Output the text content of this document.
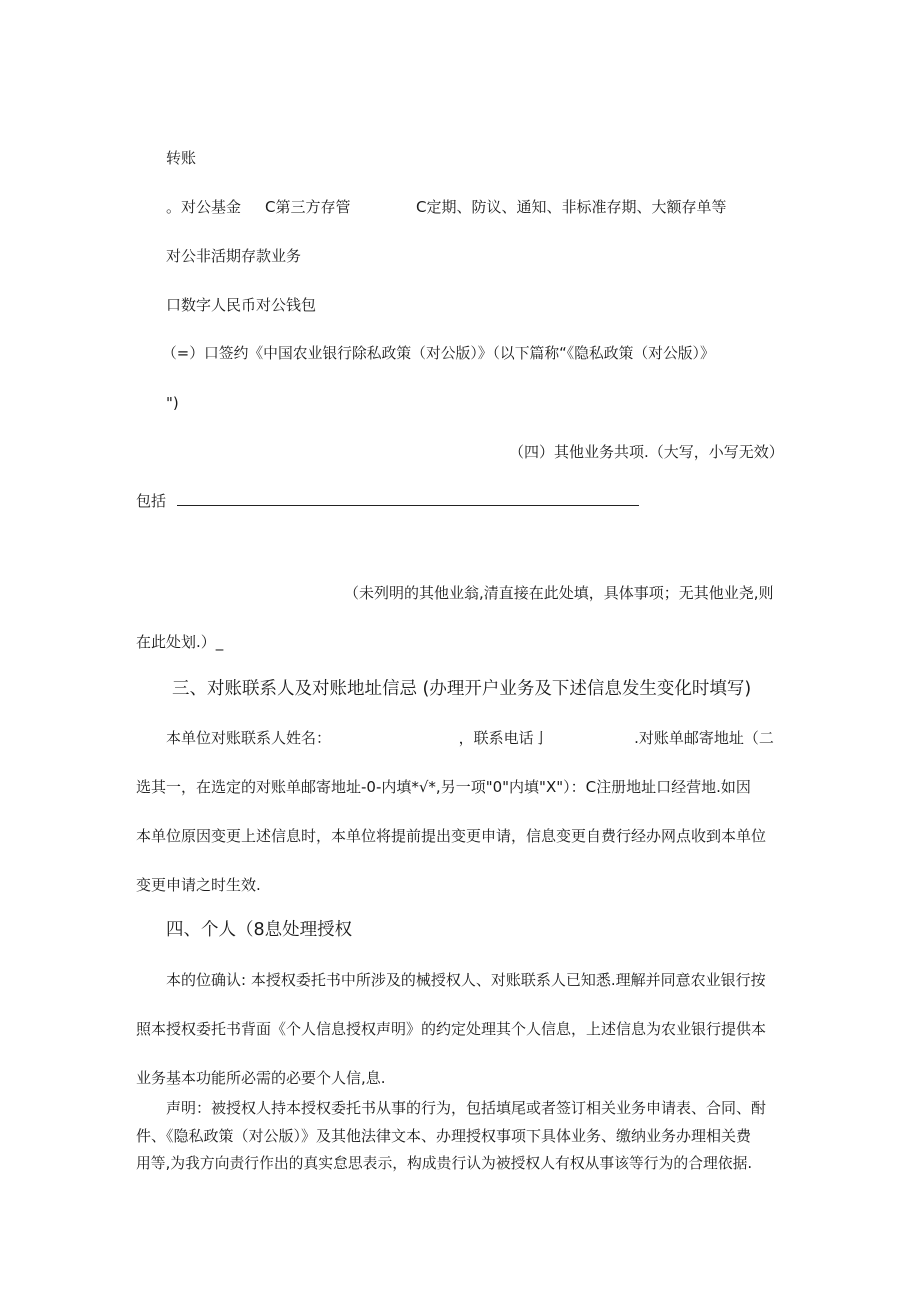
转账
。对公基金 C第三方存管	C定期、防议、通知、非标准存期、大额存单等
对公非活期存款业务
口数字人民币对公钱包
（=）口签约《中国农业银行除私政策（对公版）》（以下篇称“《隐私政策（对公版）》
")
（四）其他业务共项.（大写，小写无效）
包括
（未列明的其他业翁,清直接在此处填，具体事项；无其他业尧,则
在此处划.）_
三、对账联系人及对账地址信忌 (办理开户业务及下述信息发生变化时填写)
本单位对账联系人姓名：	，联系电话亅	.对账单邮寄地址（二
选其一，在选定的对账单邮寄地址-0-内填*√*,另一项"0"内填"X"）：C注册地址口经营地.如因
本单位原因变更上述信息时，本单位将提前提出变更申请，信息变更自费行经办网点收到本单位
变更申请之时生效.
四、个人（8息处理授权
本的位确认: 本授权委托书中所涉及的械授权人、对账联系人已知悉.理解并同意农业银行按
照本授权委托书背面《个人信息授权声明》的约定处理其个人信息，上述信息为农业银行提供本
业务基本功能所必需的必要个人信,息.
声明：被授权人持本授权委托书从事的行为，包括填尾或者签订相关业务申请表、合同、酎
件、《隐私政策（对公版）》及其他法律文本、办理授权事项下具体业务、缴纳业务办理相关费
用等,为我方向责行作出的真实怠思表示，构成贵行认为被授权人有权从事该等行为的合理依据.
